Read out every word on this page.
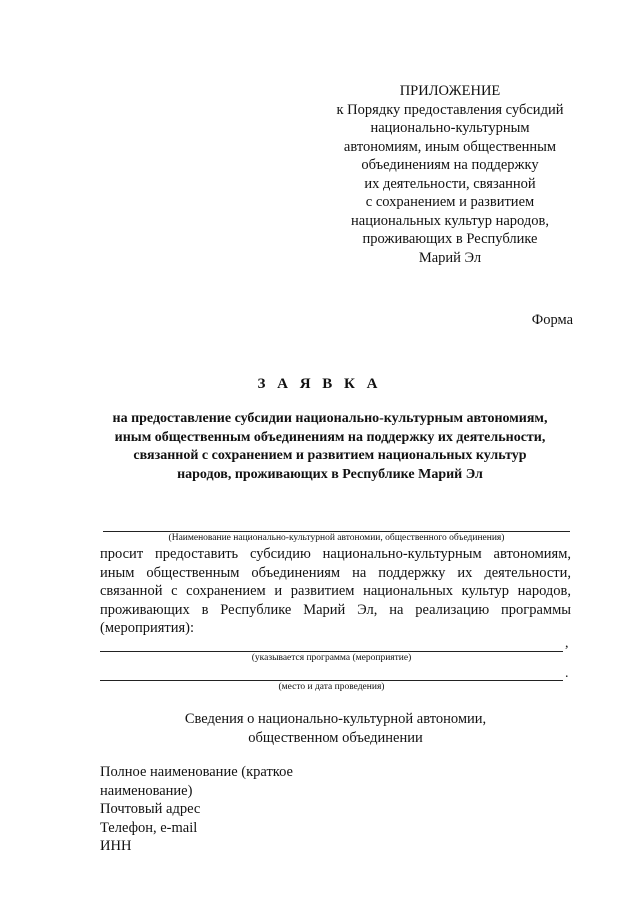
ПРИЛОЖЕНИЕ
к Порядку предоставления субсидий
национально-культурным
автономиям, иным общественным
объединениям на поддержку
их деятельности, связанной
с сохранением и развитием
национальных культур народов,
проживающих в Республике
Марий Эл
Форма
З А Я В К А
на предоставление субсидии национально-культурным автономиям,
иным общественным объединениям на поддержку их деятельности,
связанной с сохранением и развитием национальных культур
народов, проживающих в Республике Марий Эл
(Наименование национально-культурной автономии, общественного объединения)
просит предоставить субсидию национально-культурным автономиям,
иным общественным объединениям на поддержку их деятельности,
связанной с сохранением и развитием национальных культур народов,
проживающих в Республике Марий Эл, на реализацию программы
(мероприятия):
,
(указывается программа (мероприятие)
.
(место и дата проведения)
Сведения о национально-культурной автономии,
общественном объединении
Полное наименование (краткое
наименование)
Почтовый адрес
Телефон, e-mail
ИНН
